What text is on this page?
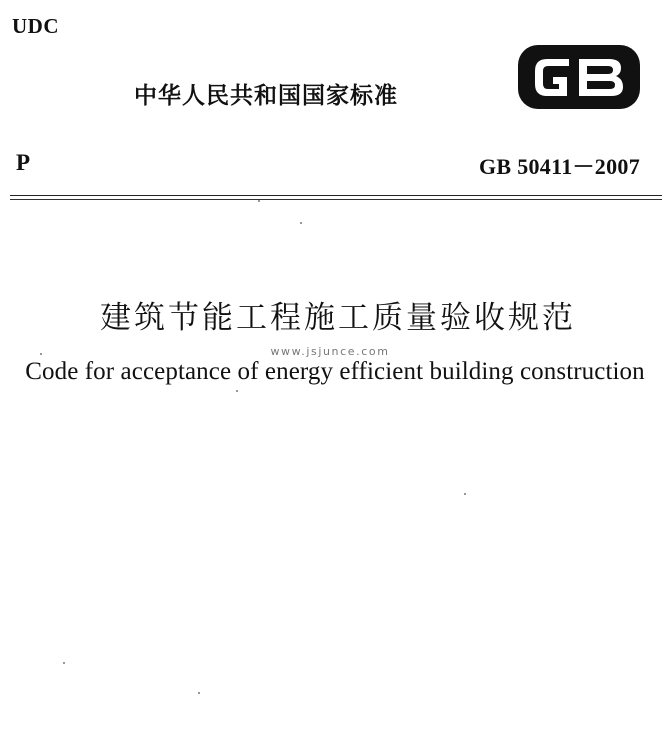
UDC
中华人民共和国国家标准
P	GB 50411－2007
建筑节能工程施工质量验收规范
www.jsjunce.com
Code for acceptance of energy efficient building construction
